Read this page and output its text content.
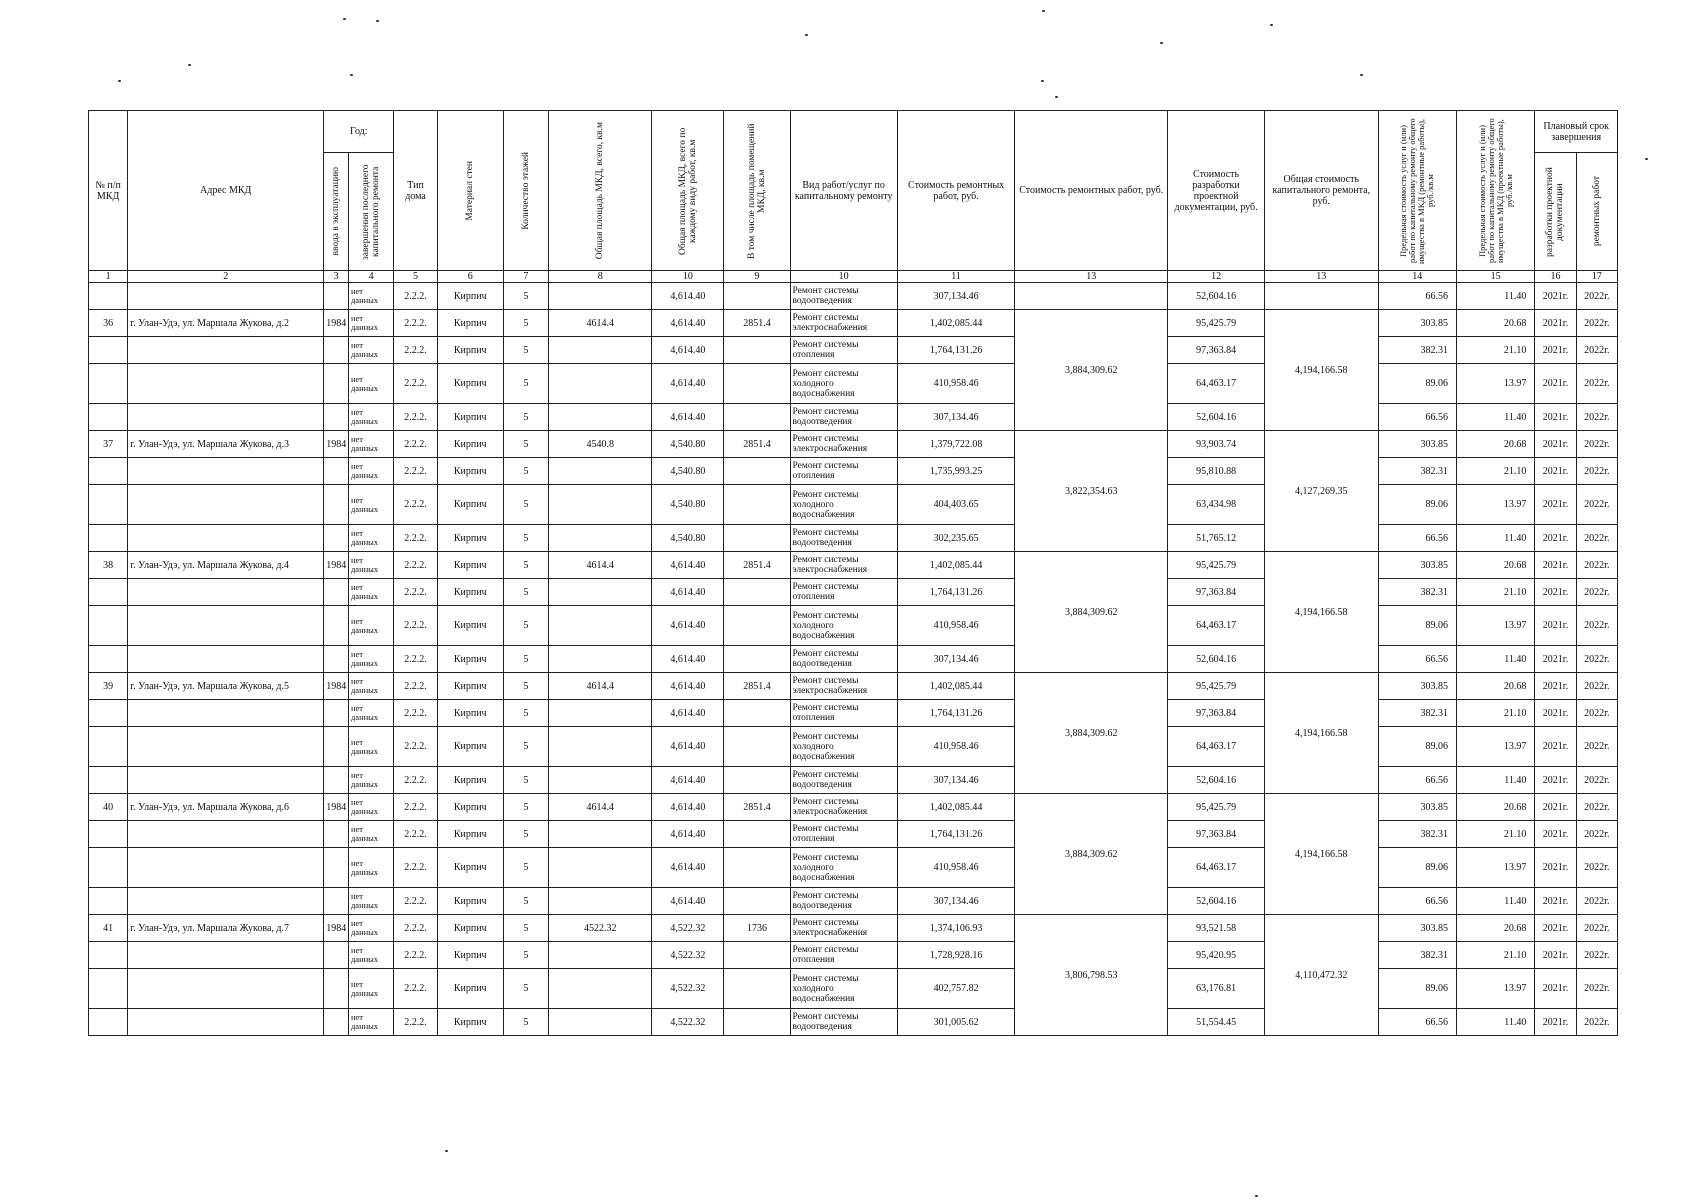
№ п/п МКД	Адрес МКД	Год:		Тип дома	Материал стен	Количество этажей	Общая площадь МКД, всего, кв.м	Общая площадь МКД, всего по каждому виду работ, кв.м	В том числе площадь помещений МКД, кв.м	Вид работ/услуг по капитальному ремонту	Стоимость ремонтных работ, руб.	Стоимость ремонтных работ, руб.	Стоимость разработки проектной документации, руб.	Общая стоимость капитального ремонта, руб.	Предельная стоимость услуг и (или) работ по капитальному ремонту общего имущества в МКД (ремонтные работы), руб./кв.м	Предельная стоимость услуг и (или) работ по капитальному ремонту общего имущества в МКД (проектные работы), руб./кв.м	Плановый срок завершения	

		ввода в эксплуатацию	завершения последнего капитального ремонта														разработки проектной документации	ремонтных работ

1	2	3	4	5	6	7	8	10	9	10	11	13	12	13	14	15	16	17
			нет данных	2.2.2.	Кирпич	5		4,614.40		Ремонт системы водоотведения	307,134.46		52,604.16		66.56	11.40	2021г.	2022г.
36	г. Улан-Удэ, ул. Маршала Жукова, д.2	1984	нет данных	2.2.2.	Кирпич	5	4614.4	4,614.40	2851.4	Ремонт системы электроснабжения	1,402,085.44	3,884,309.62	95,425.79	4,194,166.58	303.85	20.68	2021г.	2022г.
			нет данных	2.2.2.	Кирпич	5		4,614.40		Ремонт системы отопления	1,764,131.26		97,363.84		382.31	21.10	2021г.	2022г.
			нет данных	2.2.2.	Кирпич	5		4,614.40		Ремонт системы холодного водоснабжения	410,958.46		64,463.17		89.06	13.97	2021г.	2022г.
			нет данных	2.2.2.	Кирпич	5		4,614.40		Ремонт системы водоотведения	307,134.46		52,604.16		66.56	11.40	2021г.	2022г.
37	г. Улан-Удэ, ул. Маршала Жукова, д.3	1984	нет данных	2.2.2.	Кирпич	5	4540.8	4,540.80	2851.4	Ремонт системы электроснабжения	1,379,722.08	3,822,354.63	93,903.74	4,127,269.35	303.85	20.68	2021г.	2022г.
			нет данных	2.2.2.	Кирпич	5		4,540.80		Ремонт системы отопления	1,735,993.25		95,810.88		382.31	21.10	2021г.	2022г.
			нет данных	2.2.2.	Кирпич	5		4,540.80		Ремонт системы холодного водоснабжения	404,403.65		63,434.98		89.06	13.97	2021г.	2022г.
			нет данных	2.2.2.	Кирпич	5		4,540.80		Ремонт системы водоотведения	302,235.65		51,765.12		66.56	11.40	2021г.	2022г.
38	г. Улан-Удэ, ул. Маршала Жукова, д.4	1984	нет данных	2.2.2.	Кирпич	5	4614.4	4,614.40	2851.4	Ремонт системы электроснабжения	1,402,085.44	3,884,309.62	95,425.79	4,194,166.58	303.85	20.68	2021г.	2022г.
			нет данных	2.2.2.	Кирпич	5		4,614.40		Ремонт системы отопления	1,764,131.26		97,363.84		382.31	21.10	2021г.	2022г.
			нет данных	2.2.2.	Кирпич	5		4,614.40		Ремонт системы холодного водоснабжения	410,958.46		64,463.17		89.06	13.97	2021г.	2022г.
			нет данных	2.2.2.	Кирпич	5		4,614.40		Ремонт системы водоотведения	307,134.46		52,604.16		66.56	11.40	2021г.	2022г.
39	г. Улан-Удэ, ул. Маршала Жукова, д.5	1984	нет данных	2.2.2.	Кирпич	5	4614.4	4,614.40	2851.4	Ремонт системы электроснабжения	1,402,085.44	3,884,309.62	95,425.79	4,194,166.58	303.85	20.68	2021г.	2022г.
			нет данных	2.2.2.	Кирпич	5		4,614.40		Ремонт системы отопления	1,764,131.26		97,363.84		382.31	21.10	2021г.	2022г.
			нет данных	2.2.2.	Кирпич	5		4,614.40		Ремонт системы холодного водоснабжения	410,958.46		64,463.17		89.06	13.97	2021г.	2022г.
			нет данных	2.2.2.	Кирпич	5		4,614.40		Ремонт системы водоотведения	307,134.46		52,604.16		66.56	11.40	2021г.	2022г.
40	г. Улан-Удэ, ул. Маршала Жукова, д.6	1984	нет данных	2.2.2.	Кирпич	5	4614.4	4,614.40	2851.4	Ремонт системы электроснабжения	1,402,085.44	3,884,309.62	95,425.79	4,194,166.58	303.85	20.68	2021г.	2022г.
			нет данных	2.2.2.	Кирпич	5		4,614.40		Ремонт системы отопления	1,764,131.26		97,363.84		382.31	21.10	2021г.	2022г.
			нет данных	2.2.2.	Кирпич	5		4,614.40		Ремонт системы холодного водоснабжения	410,958.46		64,463.17		89.06	13.97	2021г.	2022г.
			нет данных	2.2.2.	Кирпич	5		4,614.40		Ремонт системы водоотведения	307,134.46		52,604.16		66.56	11.40	2021г.	2022г.
41	г. Улан-Удэ, ул. Маршала Жукова, д.7	1984	нет данных	2.2.2.	Кирпич	5	4522.32	4,522.32	1736	Ремонт системы электроснабжения	1,374,106.93	3,806,798.53	93,521.58	4,110,472.32	303.85	20.68	2021г.	2022г.
			нет данных	2.2.2.	Кирпич	5		4,522.32		Ремонт системы отопления	1,728,928.16		95,420.95		382.31	21.10	2021г.	2022г.
			нет данных	2.2.2.	Кирпич	5		4,522.32		Ремонт системы холодного водоснабжения	402,757.82		63,176.81		89.06	13.97	2021г.	2022г.
			нет данных	2.2.2.	Кирпич	5		4,522.32		Ремонт системы водоотведения	301,005.62		51,554.45		66.56	11.40	2021г.	2022г.
